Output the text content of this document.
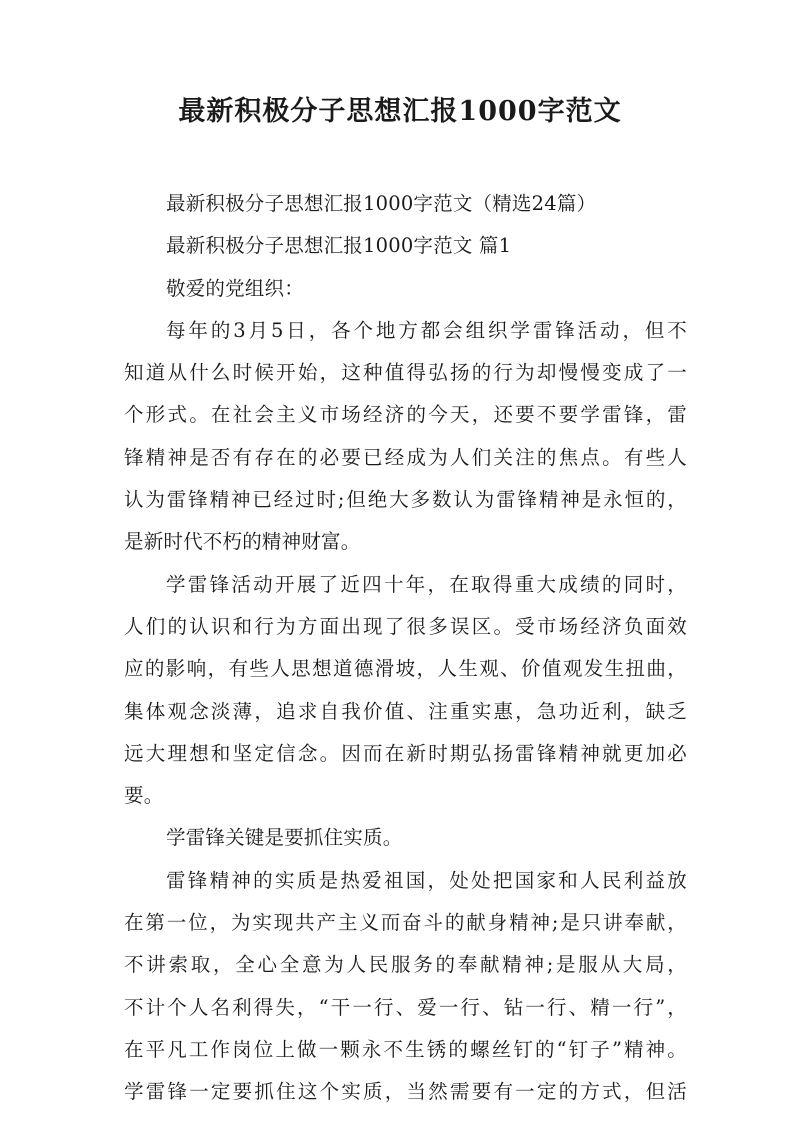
最新积极分子思想汇报1000字范文
最新积极分子思想汇报1000字范文（精选24篇）
最新积极分子思想汇报1000字范文 篇1
敬爱的党组织：
每年的3月5日，各个地方都会组织学雷锋活动，但不
知道从什么时候开始，这种值得弘扬的行为却慢慢变成了一
个形式。在社会主义市场经济的今天，还要不要学雷锋，雷
锋精神是否有存在的必要已经成为人们关注的焦点。有些人
认为雷锋精神已经过时;但绝大多数认为雷锋精神是永恒的，
是新时代不朽的精神财富。
学雷锋活动开展了近四十年，在取得重大成绩的同时，
人们的认识和行为方面出现了很多误区。受市场经济负面效
应的影响，有些人思想道德滑坡，人生观、价值观发生扭曲，
集体观念淡薄，追求自我价值、注重实惠，急功近利，缺乏
远大理想和坚定信念。因而在新时期弘扬雷锋精神就更加必
要。
学雷锋关键是要抓住实质。
雷锋精神的实质是热爱祖国，处处把国家和人民利益放
在第一位，为实现共产主义而奋斗的献身精神;是只讲奉献，
不讲索取，全心全意为人民服务的奉献精神;是服从大局，
不计个人名利得失，“干一行、爱一行、钻一行、精一行”，
在平凡工作岗位上做一颗永不生锈的螺丝钉的“钉子”精神。
学雷锋一定要抓住这个实质，当然需要有一定的方式，但活
